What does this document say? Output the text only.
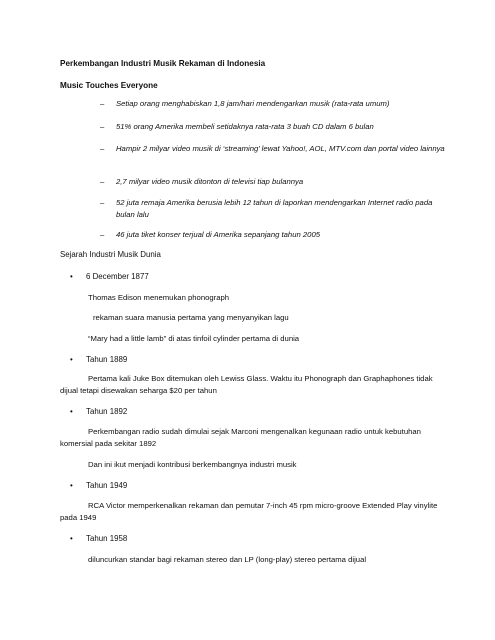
Perkembangan Industri Musik Rekaman di Indonesia
Music Touches Everyone
–	Setiap orang menghabiskan 1,8 jam/hari mendengarkan musik (rata-rata umum)
–	51% orang Amerika membeli setidaknya rata-rata 3 buah CD dalam 6 bulan
–	Hampir 2 milyar video musik di ‘streaming’ lewat Yahoo!, AOL, MTV.com dan portal video lainnya
–	2,7 milyar video musik ditonton di televisi tiap bulannya
–	52 juta remaja Amerika berusia lebih 12 tahun di laporkan mendengarkan Internet radio pada bulan lalu
–	46 juta tiket konser terjual di Amerika sepanjang tahun 2005
Sejarah Industri Musik Dunia
• 6 December 1877
Thomas Edison menemukan phonograph
rekaman suara manusia pertama yang menyanyikan lagu
“Mary had a little lamb” di atas tinfoil cylinder pertama di dunia
• Tahun 1889
Pertama kali Juke Box ditemukan oleh Lewiss Glass. Waktu itu Phonograph dan Graphaphones tidak dijual tetapi disewakan seharga $20 per tahun
• Tahun 1892
Perkembangan radio sudah dimulai sejak Marconi mengenalkan kegunaan radio untuk kebutuhan komersial pada sekitar 1892
Dan ini ikut menjadi kontribusi berkembangnya industri musik
• Tahun 1949
RCA Victor memperkenalkan rekaman dan pemutar 7-inch 45 rpm micro-groove Extended Play vinylite pada 1949
• Tahun 1958
diluncurkan standar bagi rekaman stereo dan LP (long-play) stereo pertama dijual
